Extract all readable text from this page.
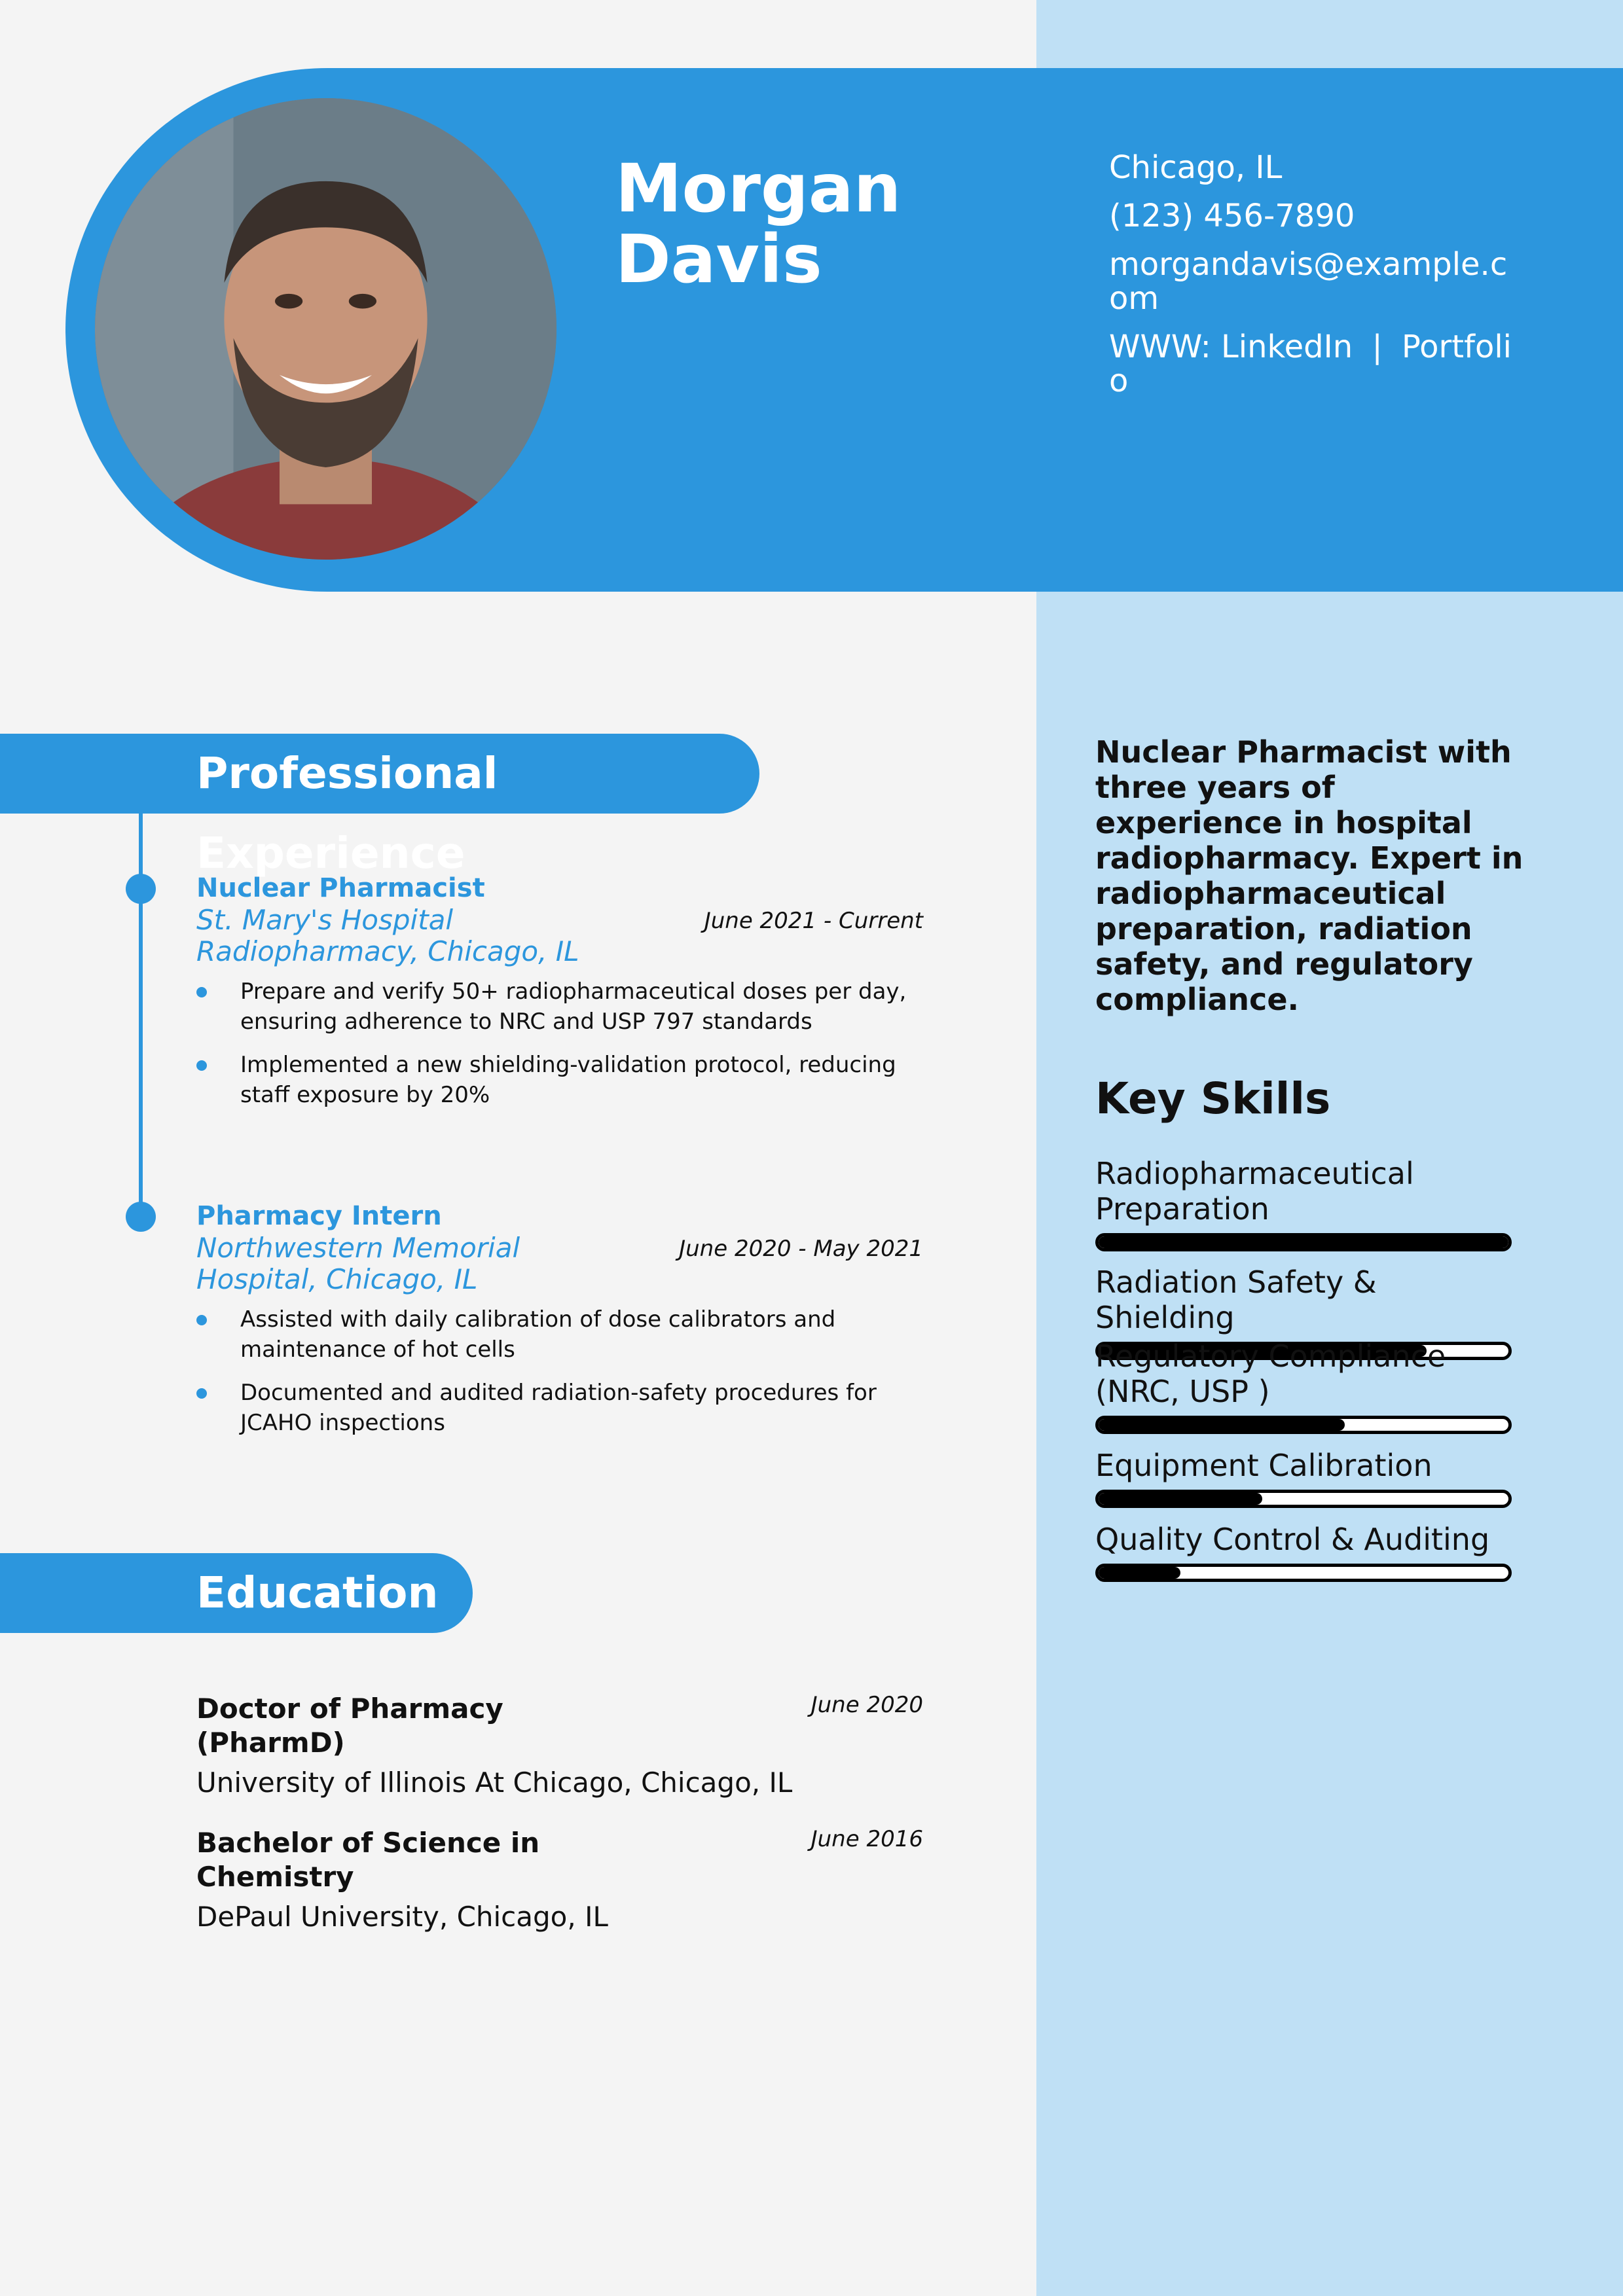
Morgan
Davis
Chicago, IL
(123) 456-7890
morgandavis@example.com
WWW: LinkedIn | Portfolio
Professional Experience
Nuclear Pharmacist
June 2021 - Current
St. Mary's Hospital Radiopharmacy, Chicago, IL
Prepare and verify 50+ radiopharmaceutical doses per day, ensuring adherence to NRC and USP 797 standards
Implemented a new shielding-validation protocol, reducing staff exposure by 20%
Pharmacy Intern
June 2020 - May 2021
Northwestern Memorial Hospital, Chicago, IL
Assisted with daily calibration of dose calibrators and maintenance of hot cells
Documented and audited radiation-safety procedures for JCAHO inspections
Education
June 2020
Doctor of Pharmacy (PharmD)
University of Illinois At Chicago, Chicago, IL
June 2016
Bachelor of Science in Chemistry
DePaul University, Chicago, IL
Nuclear Pharmacist with three years of experience in hospital radiopharmacy. Expert in radiopharmaceutical preparation, radiation safety, and regulatory compliance.
Key Skills
Radiopharmaceutical Preparation
Radiation Safety & Shielding
Regulatory Compliance (NRC, USP )
Equipment Calibration
Quality Control & Auditing
